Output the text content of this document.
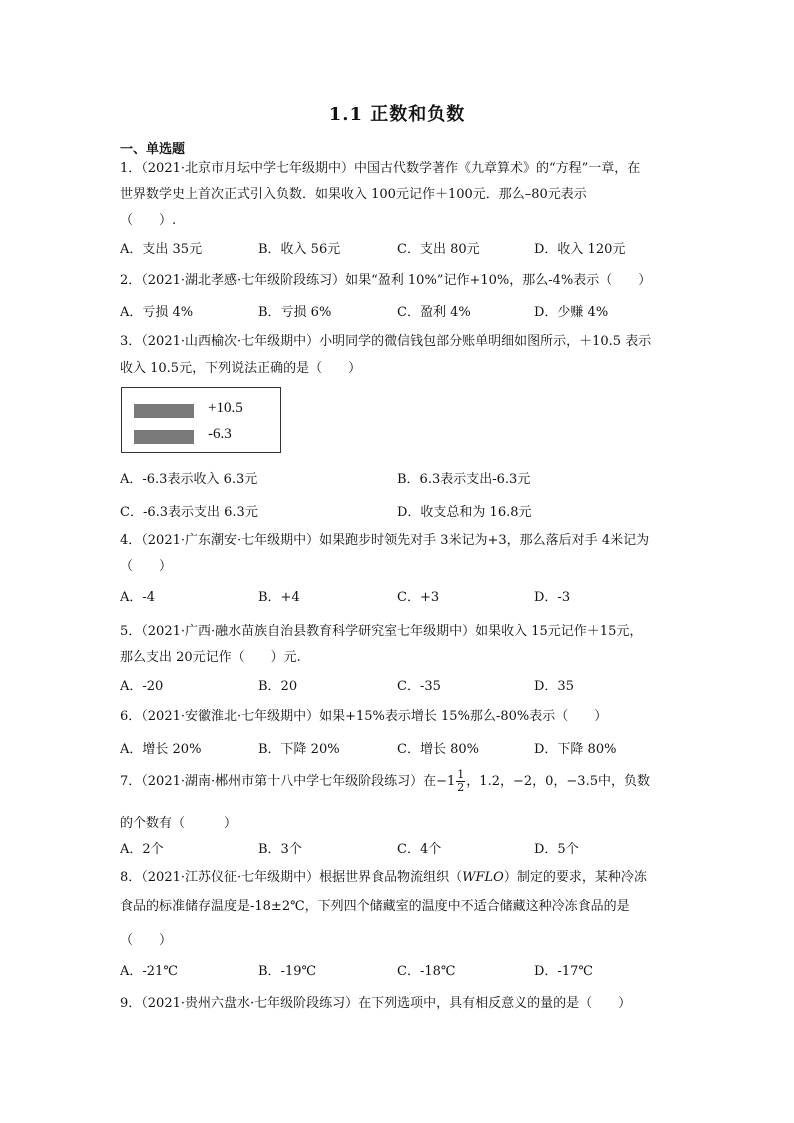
1.1 正数和负数
一、单选题
1．（2021·北京市月坛中学七年级期中）中国古代数学著作《九章算术》的“方程”一章，在
世界数学史上首次正式引入负数．如果收入 100元记作＋100元．那么–80元表示
（　　）.
A．支出 35元	B．收入 56元	C．支出 80元	D．收入 120元
2．（2021·湖北孝感·七年级阶段练习）如果“盈利 10%”记作+10%，那么-4%表示（　　）
A．亏损 4%	B．亏损 6%	C．盈利 4%	D．少赚 4%
3．（2021·山西榆次·七年级期中）小明同学的微信钱包部分账单明细如图所示，＋10.5 表示
收入 10.5元，下列说法正确的是（　　）
+10.5
-6.3
A．-6.3表示收入 6.3元	B．6.3表示支出-6.3元
C．-6.3表示支出 6.3元	D．收支总和为 16.8元
4．（2021·广东潮安·七年级期中）如果跑步时领先对手 3米记为+3，那么落后对手 4米记为
（　　）
A．-4	B．+4	C．+3	D．-3
5．（2021·广西·融水苗族自治县教育科学研究室七年级期中）如果收入 15元记作＋15元，
那么支出 20元记作（　　）元.
A．-20	B．20	C．-35	D．35
6．（2021·安徽淮北·七年级期中）如果+15%表示增长 15%那么-80%表示（　　）
A．增长 20%	B．下降 20%	C．增长 80%	D．下降 80%
7．（2021·湖南·郴州市第十八中学七年级阶段练习）在$-1 \frac{1}{2}$ ，1.2，−2，0，−3.5中，负数
的个数有（　　　）
A．2个	B．3个	C．4个	D．5个
8．（2021·江苏仪征·七年级期中）根据世界食品物流组织（WFLO）制定的要求，某种冷冻
食品的标准储存温度是-18±2℃，下列四个储藏室的温度中不适合储藏这种冷冻食品的是
（　　）
A．-21℃	B．-19℃	C．-18℃	D．-17℃
9．（2021·贵州六盘水·七年级阶段练习）在下列选项中，具有相反意义的量的是（　　）
